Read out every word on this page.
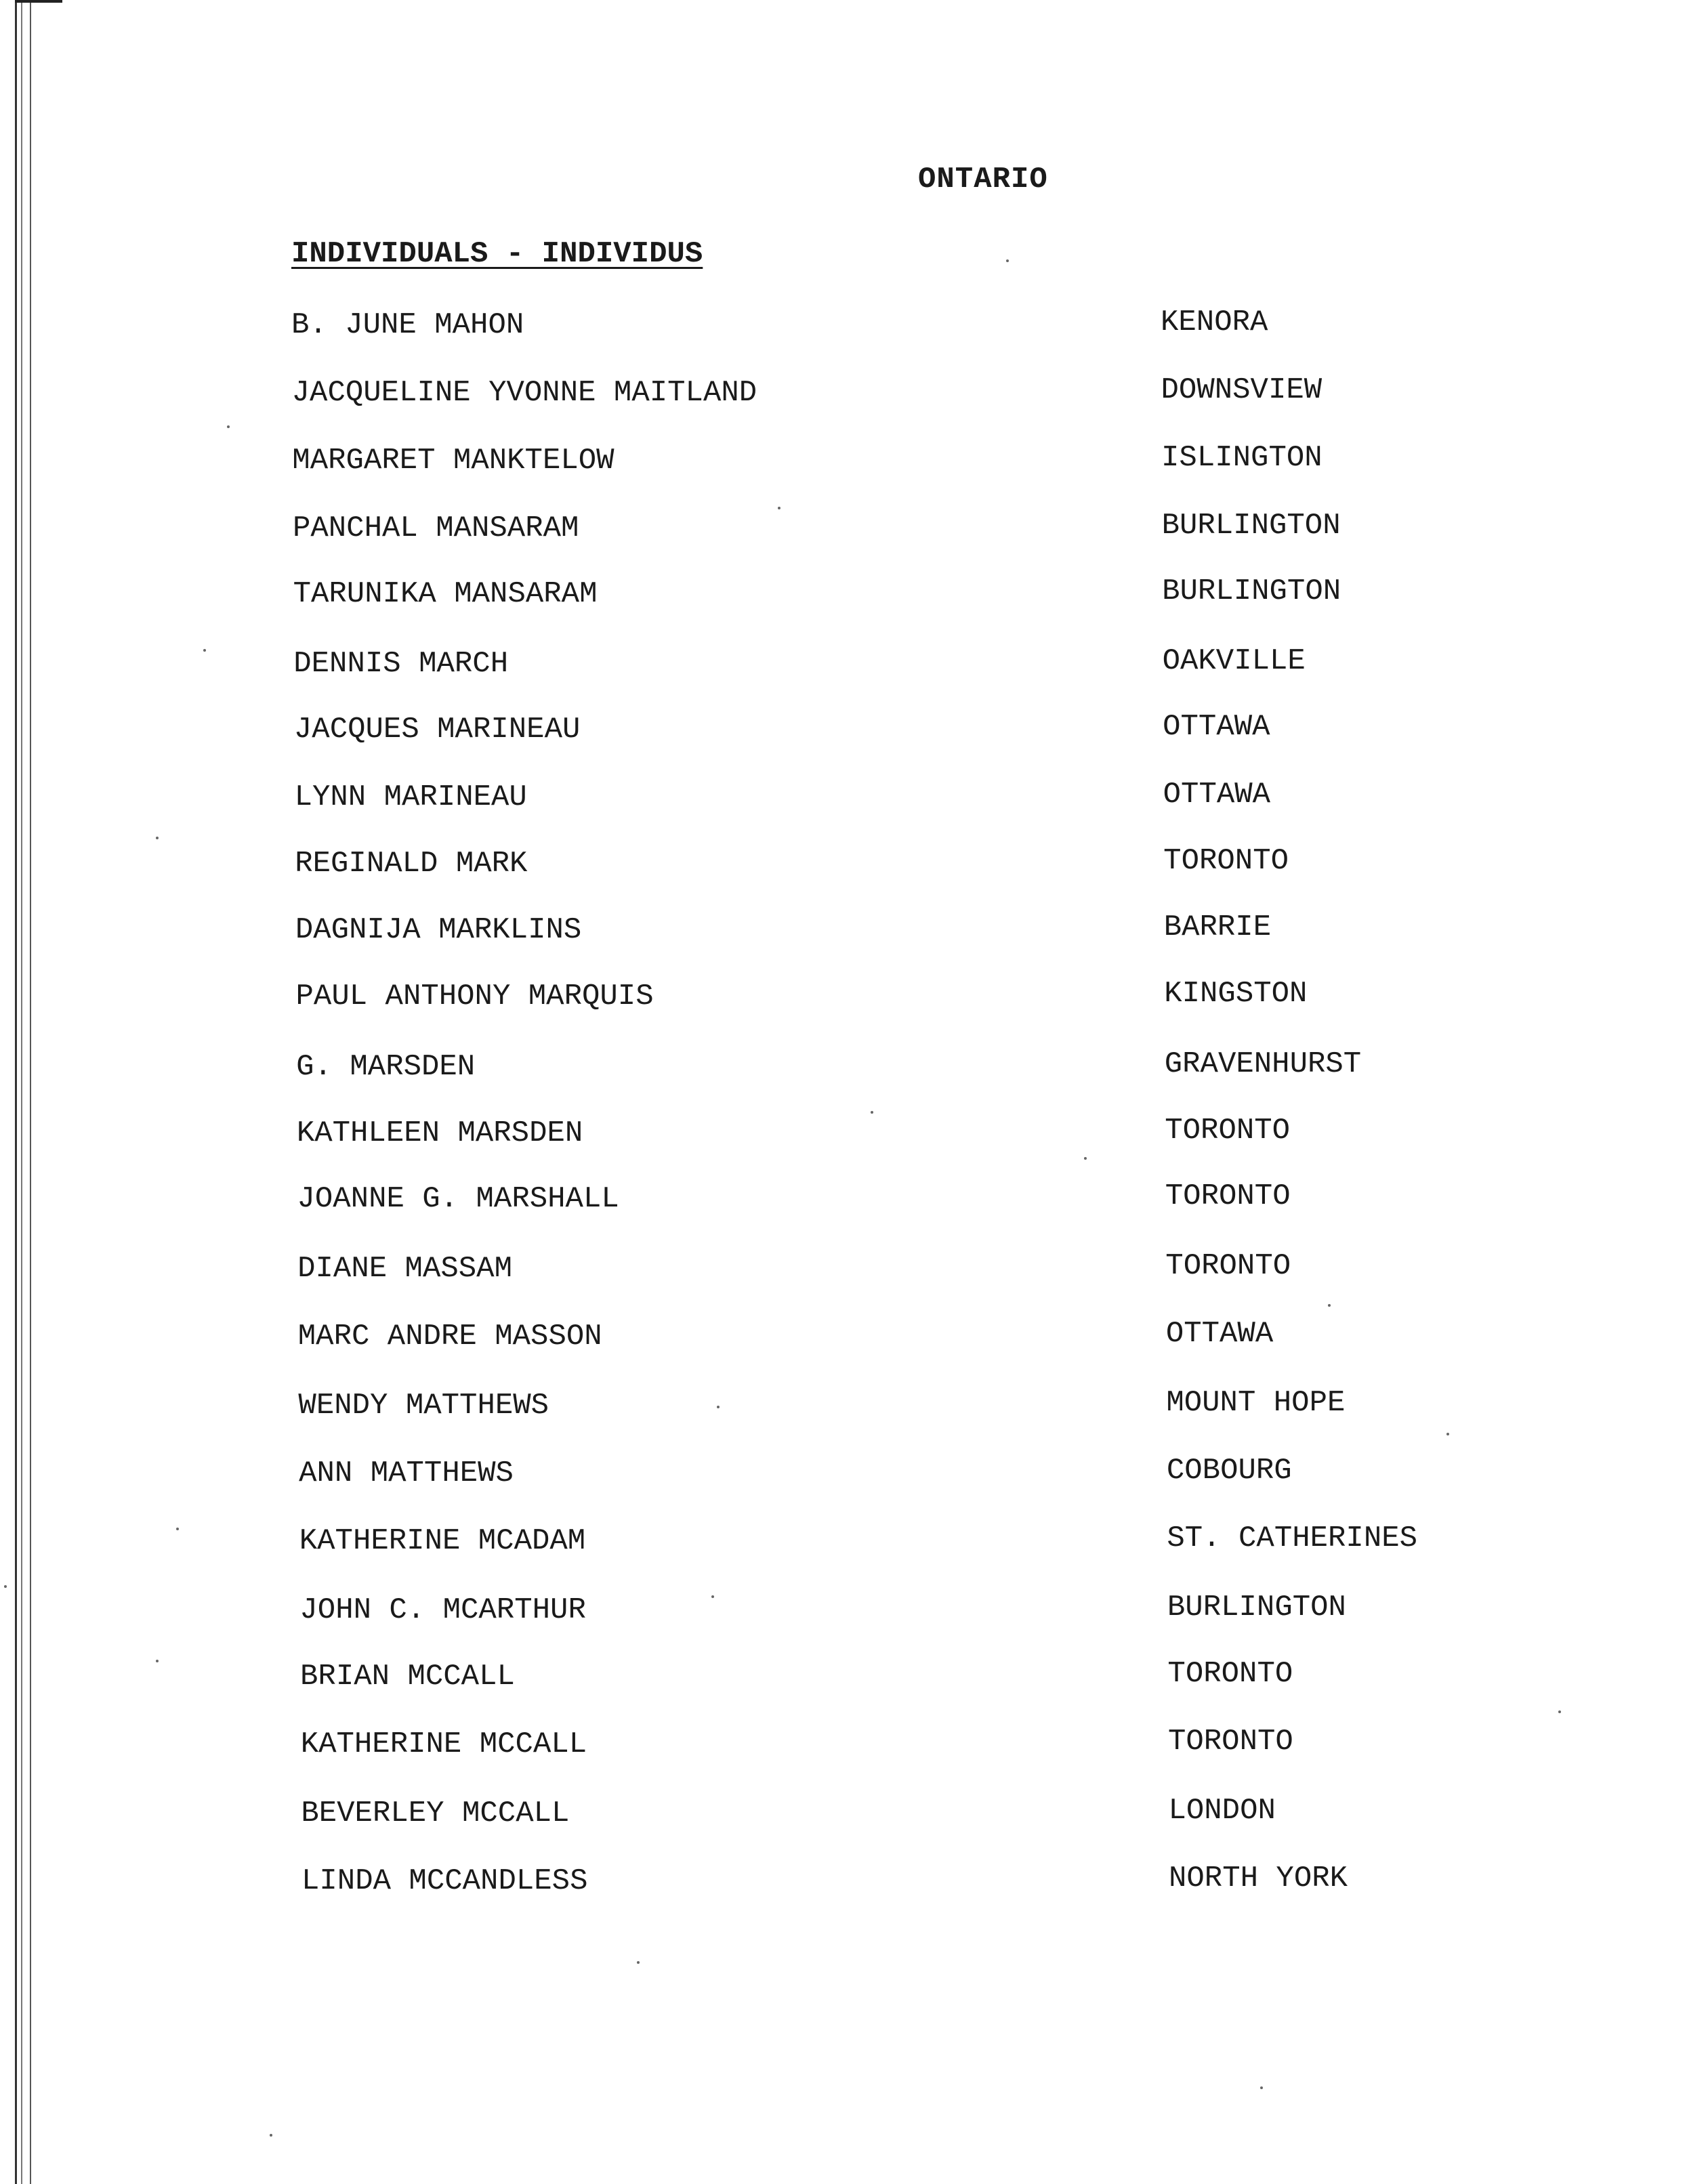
ONTARIO
INDIVIDUALS - INDIVIDUS
B. JUNE MAHON	KENORA
JACQUELINE YVONNE MAITLAND	DOWNSVIEW
MARGARET MANKTELOW	ISLINGTON
PANCHAL MANSARAM	BURLINGTON
TARUNIKA MANSARAM	BURLINGTON
DENNIS MARCH	OAKVILLE
JACQUES MARINEAU	OTTAWA
LYNN MARINEAU	OTTAWA
REGINALD MARK	TORONTO
DAGNIJA MARKLINS	BARRIE
PAUL ANTHONY MARQUIS	KINGSTON
G. MARSDEN	GRAVENHURST
KATHLEEN MARSDEN	TORONTO
JOANNE G. MARSHALL	TORONTO
DIANE MASSAM	TORONTO
MARC ANDRE MASSON	OTTAWA
WENDY MATTHEWS	MOUNT HOPE
ANN MATTHEWS	COBOURG
KATHERINE MCADAM	ST. CATHERINES
JOHN C. MCARTHUR	BURLINGTON
BRIAN MCCALL	TORONTO
KATHERINE MCCALL	TORONTO
BEVERLEY MCCALL	LONDON
LINDA MCCANDLESS	NORTH YORK
